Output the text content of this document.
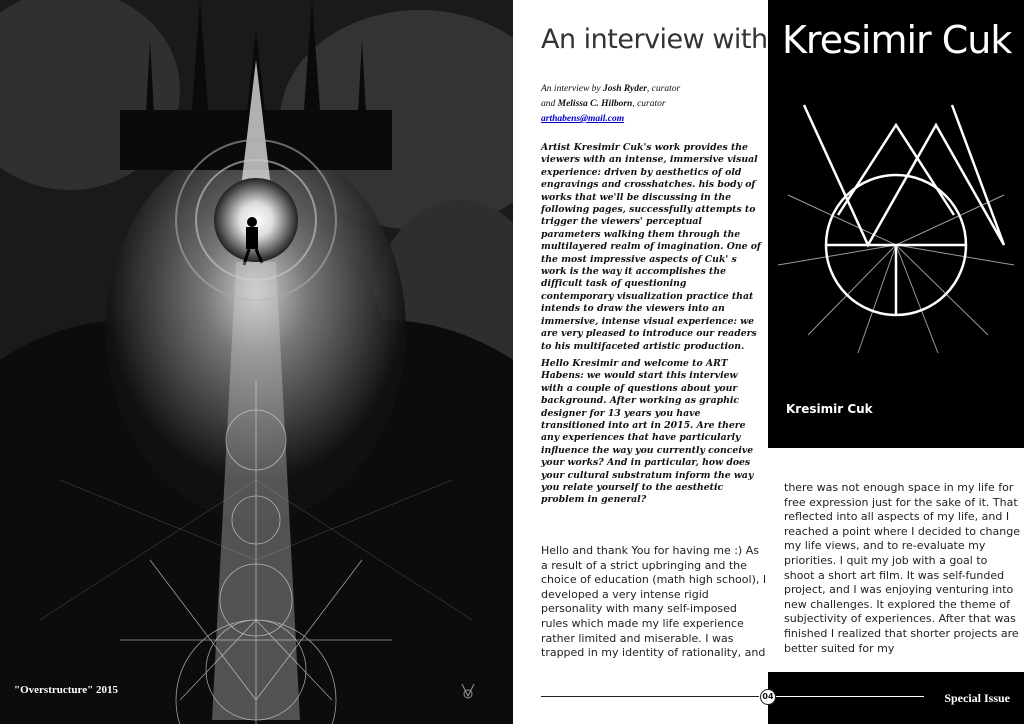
"Overstructure" 2015
An interview with Kresimir Cuk
Kresimir Cuk
An interview by Josh Ryder, curator
and Melissa C. Hilborn, curator
arthabens@mail.com

Artist Kresimir Cuk's work provides the viewers with an intense, immersive visual experience: driven by aesthetics of old engravings and crosshatches. his body of works that we'll be discussing in the following pages, successfully attempts to trigger the viewers' perceptual parameters walking them through the multilayered realm of imagination. One of the most impressive aspects of Cuk' s work is the way it accomplishes the difficult task of questioning contemporary visualization practice that intends to draw the viewers into an immersive, intense visual experience: we are very pleased to introduce our readers to his multifaceted artistic production.

Hello Kresimir and welcome to ART Habens: we would start this interview with a couple of questions about your background. After working as graphic designer for 13 years you have transitioned into art in 2015. Are there any experiences that have particularly influence the way you currently conceive your works? And in particular, how does your cultural substratum inform the way you relate yourself to the aesthetic problem in general?

Hello and thank You for having me :) As a result of a strict upbringing and the choice of education (math high school), I developed a very intense rigid personality with many self-imposed rules which made my life experience rather limited and miserable. I was trapped in my identity of rationality, and
there was not enough space in my life for free expression just for the sake of it. That reflected into all aspects of my life, and I reached a point where I decided to change my life views, and to re-evaluate my priorities. I quit my job with a goal to shoot a short art film. It was self-funded project, and I was enjoying venturing into new challenges. It explored the theme of subjectivity of experiences. After that was finished I realized that shorter projects are better suited for my
04	Special Issue
